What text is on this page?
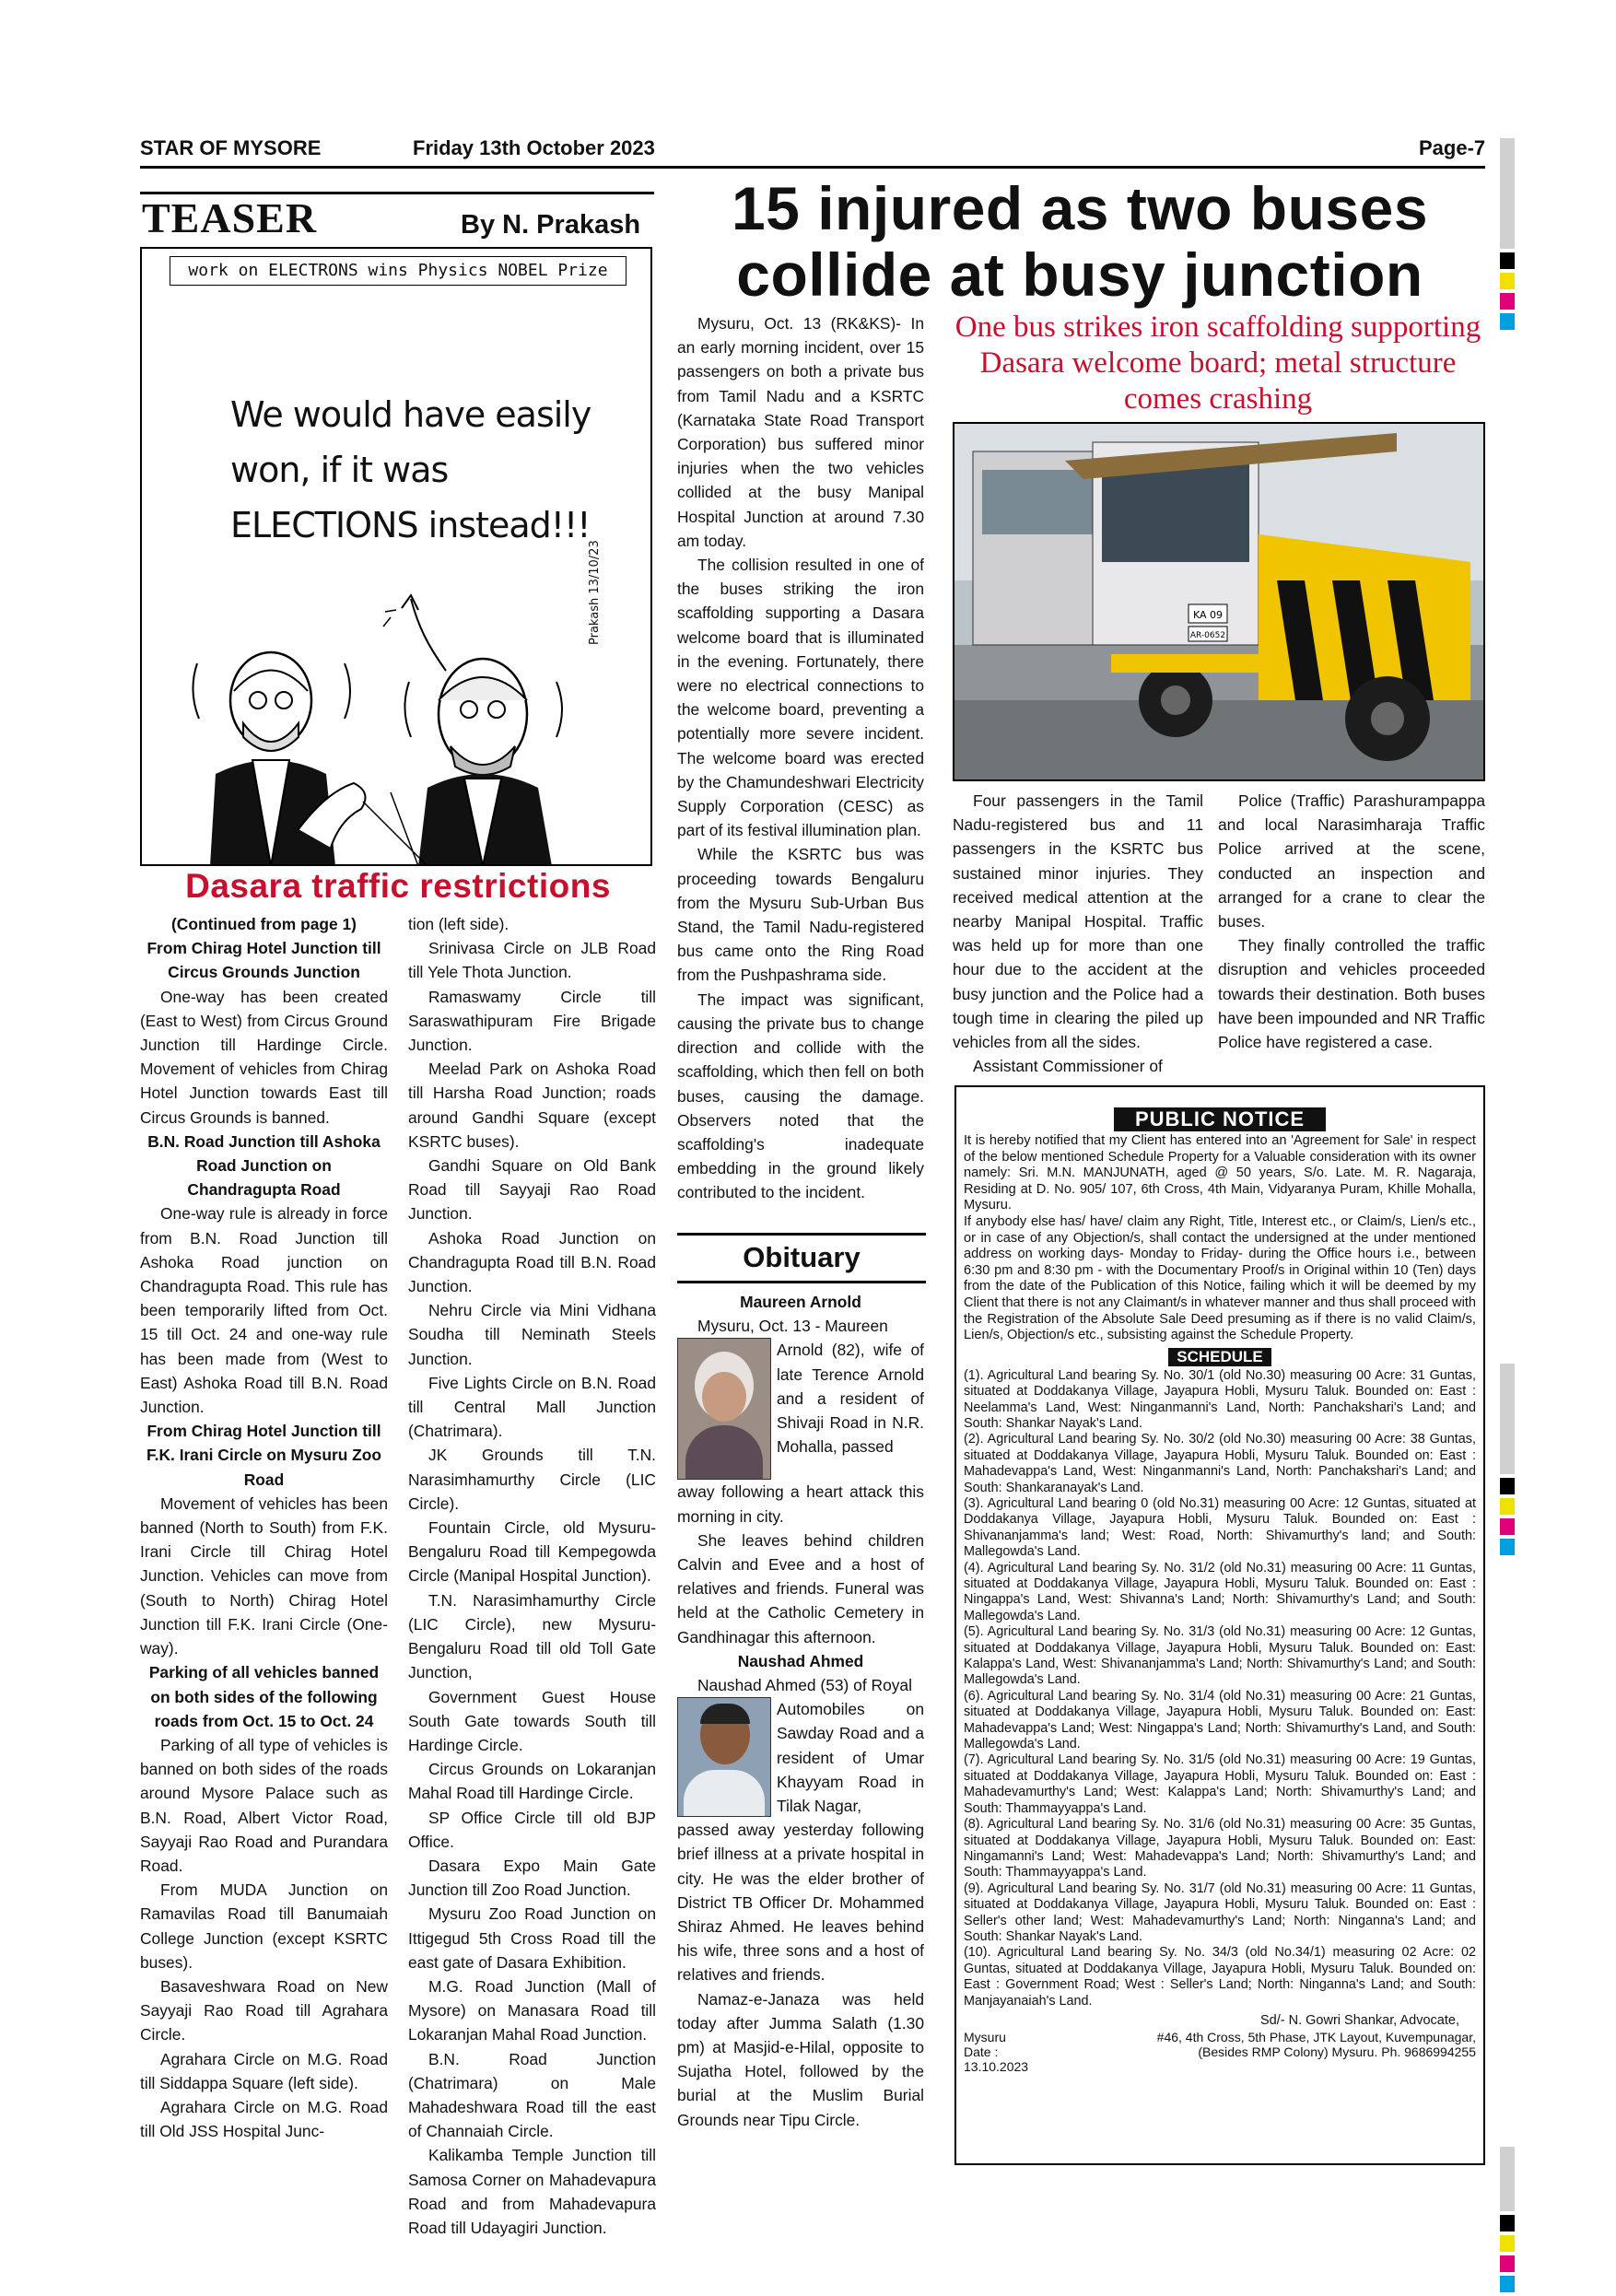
STAR OF MYSORE	Friday 13th October 2023	Page-7
TEASER	By N. Prakash
work on ELECTRONS wins Physics NOBEL Prize
We would have easily
won, if it was
ELECTIONS instead!!!
Prakash 13/10/23
Dasara traffic restrictions
(Continued from page 1)
From Chirag Hotel Junction till Circus Grounds Junction

One-way has been created (East to West) from Circus Ground Junction till Hardinge Circle. Movement of vehicles from Chirag Hotel Junction towards East till Circus Grounds is banned.

B.N. Road Junction till Ashoka Road Junction on Chandragupta Road

One-way rule is already in force from B.N. Road Junction till Ashoka Road junction on Chandragupta Road. This rule has been temporarily lifted from Oct. 15 till Oct. 24 and one-way rule has been made from (West to East) Ashoka Road till B.N. Road Junction.

From Chirag Hotel Junction till F.K. Irani Circle on Mysuru Zoo Road

Movement of vehicles has been banned (North to South) from F.K. Irani Circle till Chirag Hotel Junction. Vehicles can move from (South to North) Chirag Hotel Junction till F.K. Irani Circle (One-way).

Parking of all vehicles banned on both sides of the following roads from Oct. 15 to Oct. 24

Parking of all type of vehicles is banned on both sides of the roads around Mysore Palace such as B.N. Road, Albert Victor Road, Sayyaji Rao Road and Purandara Road.

From MUDA Junction on Ramavilas Road till Banumaiah College Junction (except KSRTC buses).

Basaveshwara Road on New Sayyaji Rao Road till Agrahara Circle.

Agrahara Circle on M.G. Road till Siddappa Square (left side).

Agrahara Circle on M.G. Road till Old JSS Hospital Junc-

tion (left side).

Srinivasa Circle on JLB Road till Yele Thota Junction.

Ramaswamy Circle till Saraswathipuram Fire Brigade Junction.

Meelad Park on Ashoka Road till Harsha Road Junction; roads around Gandhi Square (except KSRTC buses).

Gandhi Square on Old Bank Road till Sayyaji Rao Road Junction.

Ashoka Road Junction on Chandragupta Road till B.N. Road Junction.

Nehru Circle via Mini Vidhana Soudha till Neminath Steels Junction.

Five Lights Circle on B.N. Road till Central Mall Junction (Chatrimara).

JK Grounds till T.N. Narasimhamurthy Circle (LIC Circle).

Fountain Circle, old Mysuru-Bengaluru Road till Kempegowda Circle (Manipal Hospital Junction).

T.N. Narasimhamurthy Circle (LIC Circle), new Mysuru-Bengaluru Road till old Toll Gate Junction,

Government Guest House South Gate towards South till Hardinge Circle.

Circus Grounds on Lokaranjan Mahal Road till Hardinge Circle.

SP Office Circle till old BJP Office.

Dasara Expo Main Gate Junction till Zoo Road Junction.

Mysuru Zoo Road Junction on Ittigegud 5th Cross Road till the east gate of Dasara Exhibition.

M.G. Road Junction (Mall of Mysore) on Manasara Road till Lokaranjan Mahal Road Junction.

B.N. Road Junction (Chatrimara) on Male Mahadeshwara Road till the east of Channaiah Circle.

Kalikamba Temple Junction till Samosa Corner on Mahadevapura Road and from Mahadevapura Road till Udayagiri Junction.

15 injured as two buses collide at busy junction
One bus strikes iron scaffolding supporting Dasara welcome board; metal structure comes crashing
KA 09
AR-0652

Mysuru, Oct. 13 (RK&KS)- In an early morning incident, over 15 passengers on both a private bus from Tamil Nadu and a KSRTC (Karnataka State Road Transport Corporation) bus suffered minor injuries when the two vehicles collided at the busy Manipal Hospital Junction at around 7.30 am today.

The collision resulted in one of the buses striking the iron scaffolding supporting a Dasara welcome board that is illuminated in the evening. Fortunately, there were no electrical connections to the welcome board, preventing a potentially more severe incident. The welcome board was erected by the Chamundeshwari Electricity Supply Corporation (CESC) as part of its festival illumination plan.

While the KSRTC bus was proceeding towards Bengaluru from the Mysuru Sub-Urban Bus Stand, the Tamil Nadu-registered bus came onto the Ring Road from the Pushpashrama side.

The impact was significant, causing the private bus to change direction and collide with the scaffolding, which then fell on both buses, causing the damage. Observers noted that the scaffolding's inadequate embedding in the ground likely contributed to the incident.

Four passengers in the Tamil Nadu-registered bus and 11 passengers in the KSRTC bus sustained minor injuries. They received medical attention at the nearby Manipal Hospital. Traffic was held up for more than one hour due to the accident at the busy junction and the Police had a tough time in clearing the piled up vehicles from all the sides.

Assistant Commissioner of

Police (Traffic) Parashurampappa and local Narasimharaja Traffic Police arrived at the scene, conducted an inspection and arranged for a crane to clear the buses.

They finally controlled the traffic disruption and vehicles proceeded towards their destination. Both buses have been impounded and NR Traffic Police have registered a case.

Obituary
Maureen Arnold

Mysuru, Oct. 13 - Maureen

Arnold (82), wife of late Terence Arnold and a resident of Shivaji Road in N.R. Mohalla, passed

away following a heart attack this morning in city.

She leaves behind children Calvin and Evee and a host of relatives and friends. Funeral was held at the Catholic Cemetery in Gandhinagar this afternoon.

Naushad Ahmed

Naushad Ahmed (53) of Royal

Automobiles on Sawday Road and a resident of Umar Khayyam Road in Tilak Nagar,

passed away yesterday following brief illness at a private hospital in city. He was the elder brother of District TB Officer Dr. Mohammed Shiraz Ahmed. He leaves behind his wife, three sons and a host of relatives and friends.

Namaz-e-Janaza was held today after Jumma Salath (1.30 pm) at Masjid-e-Hilal, opposite to Sujatha Hotel, followed by the burial at the Muslim Burial Grounds near Tipu Circle.

PUBLIC NOTICE

It is hereby notified that my Client has entered into an 'Agreement for Sale' in respect of the below mentioned Schedule Property for a Valuable consideration with its owner namely: Sri. M.N. MANJUNATH, aged @ 50 years, S/o. Late. M. R. Nagaraja, Residing at D. No. 905/ 107, 6th Cross, 4th Main, Vidyaranya Puram, Khille Mohalla, Mysuru.

If anybody else has/ have/ claim any Right, Title, Interest etc., or Claim/s, Lien/s etc., or in case of any Objection/s, shall contact the undersigned at the under mentioned address on working days- Monday to Friday- during the Office hours i.e., between 6:30 pm and 8:30 pm - with the Documentary Proof/s in Original within 10 (Ten) days from the date of the Publication of this Notice, failing which it will be deemed by my Client that there is not any Claimant/s in whatever manner and thus shall proceed with the Registration of the Absolute Sale Deed presuming as if there is no valid Claim/s, Lien/s, Objection/s etc., subsisting against the Schedule Property.

SCHEDULE

(1). Agricultural Land bearing Sy. No. 30/1 (old No.30) measuring 00 Acre: 31 Guntas, situated at Doddakanya Village, Jayapura Hobli, Mysuru Taluk. Bounded on: East : Neelamma's Land, West: Ninganmanni's Land, North: Panchakshari's Land; and South: Shankar Nayak's Land.

(2). Agricultural Land bearing Sy. No. 30/2 (old No.30) measuring 00 Acre: 38 Guntas, situated at Doddakanya Village, Jayapura Hobli, Mysuru Taluk. Bounded on: East : Mahadevappa's Land, West: Ninganmanni's Land, North: Panchakshari's Land; and South: Shankaranayak's Land.

(3). Agricultural Land bearing 0 (old No.31) measuring 00 Acre: 12 Guntas, situated at Doddakanya Village, Jayapura Hobli, Mysuru Taluk. Bounded on: East : Shivananjamma's land; West: Road, North: Shivamurthy's land; and South: Mallegowda's Land.

(4). Agricultural Land bearing Sy. No. 31/2 (old No.31) measuring 00 Acre: 11 Guntas, situated at Doddakanya Village, Jayapura Hobli, Mysuru Taluk. Bounded on: East : Ningappa's Land, West: Shivanna's Land; North: Shivamurthy's Land; and South: Mallegowda's Land.

(5). Agricultural Land bearing Sy. No. 31/3 (old No.31) measuring 00 Acre: 12 Guntas, situated at Doddakanya Village, Jayapura Hobli, Mysuru Taluk. Bounded on: East: Kalappa's Land, West: Shivananjamma's Land; North: Shivamurthy's Land; and South: Mallegowda's Land.

(6). Agricultural Land bearing Sy. No. 31/4 (old No.31) measuring 00 Acre: 21 Guntas, situated at Doddakanya Village, Jayapura Hobli, Mysuru Taluk. Bounded on: East: Mahadevappa's Land; West: Ningappa's Land; North: Shivamurthy's Land, and South: Mallegowda's Land.

(7). Agricultural Land bearing Sy. No. 31/5 (old No.31) measuring 00 Acre: 19 Guntas, situated at Doddakanya Village, Jayapura Hobli, Mysuru Taluk. Bounded on: East : Mahadevamurthy's Land; West: Kalappa's Land; North: Shivamurthy's Land; and South: Thammayyappa's Land.

(8). Agricultural Land bearing Sy. No. 31/6 (old No.31) measuring 00 Acre: 35 Guntas, situated at Doddakanya Village, Jayapura Hobli, Mysuru Taluk. Bounded on: East: Ningamanni's Land; West: Mahadevappa's Land; North: Shivamurthy's Land; and South: Thammayyappa's Land.

(9). Agricultural Land bearing Sy. No. 31/7 (old No.31) measuring 00 Acre: 11 Guntas, situated at Doddakanya Village, Jayapura Hobli, Mysuru Taluk. Bounded on: East : Seller's other land; West: Mahadevamurthy's Land; North: Ninganna's Land; and South: Shankar Nayak's Land.

(10). Agricultural Land bearing Sy. No. 34/3 (old No.34/1) measuring 02 Acre: 02 Guntas, situated at Doddakanya Village, Jayapura Hobli, Mysuru Taluk. Bounded on: East : Government Road; West : Seller's Land; North: Ninganna's Land; and South: Manjayanaiah's Land.

Sd/- N. Gowri Shankar, Advocate,
Mysuru
Date : 13.10.2023
#46, 4th Cross, 5th Phase, JTK Layout, Kuvempunagar,
(Besides RMP Colony) Mysuru. Ph. 9686994255
